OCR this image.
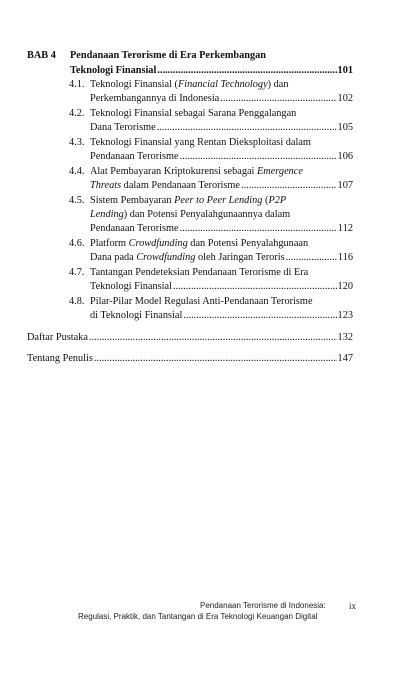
BAB 4 Pendanaan Terorisme di Era Perkembangan
Teknologi Finansial .....	101
4.1. Teknologi Finansial (Financial Technology) dan
Perkembangannya di Indonesia .....	102
4.2. Teknologi Finansial sebagai Sarana Penggalangan
Dana Terorisme .....	105
4.3. Teknologi Finansial yang Rentan Dieksploitasi dalam
Pendanaan Terorisme .....	106
4.4. Alat Pembayaran Kriptokurensi sebagai Emergence
Threats dalam Pendanaan Terorisme .....	107
4.5. Sistem Pembayaran Peer to Peer Lending (P2P
Lending) dan Potensi Penyalahgunaannya dalam
Pendanaan Terorisme .....	112
4.6. Platform Crowdfunding dan Potensi Penyalahgunaan
Dana pada Crowdfunding oleh Jaringan Teroris .....	116
4.7. Tantangan Pendeteksian Pendanaan Terorisme di Era
Teknologi Finansial .....	120
4.8. Pilar-Pilar Model Regulasi Anti-Pendanaan Terorisme
di Teknologi Finansial .....	123
Daftar Pustaka .....	132
Tentang Penulis .....	147
Pendanaan Terorisme di Indonesia:
Regulasi, Praktik, dan Tantangan di Era Teknologi Keuangan Digital
ix
